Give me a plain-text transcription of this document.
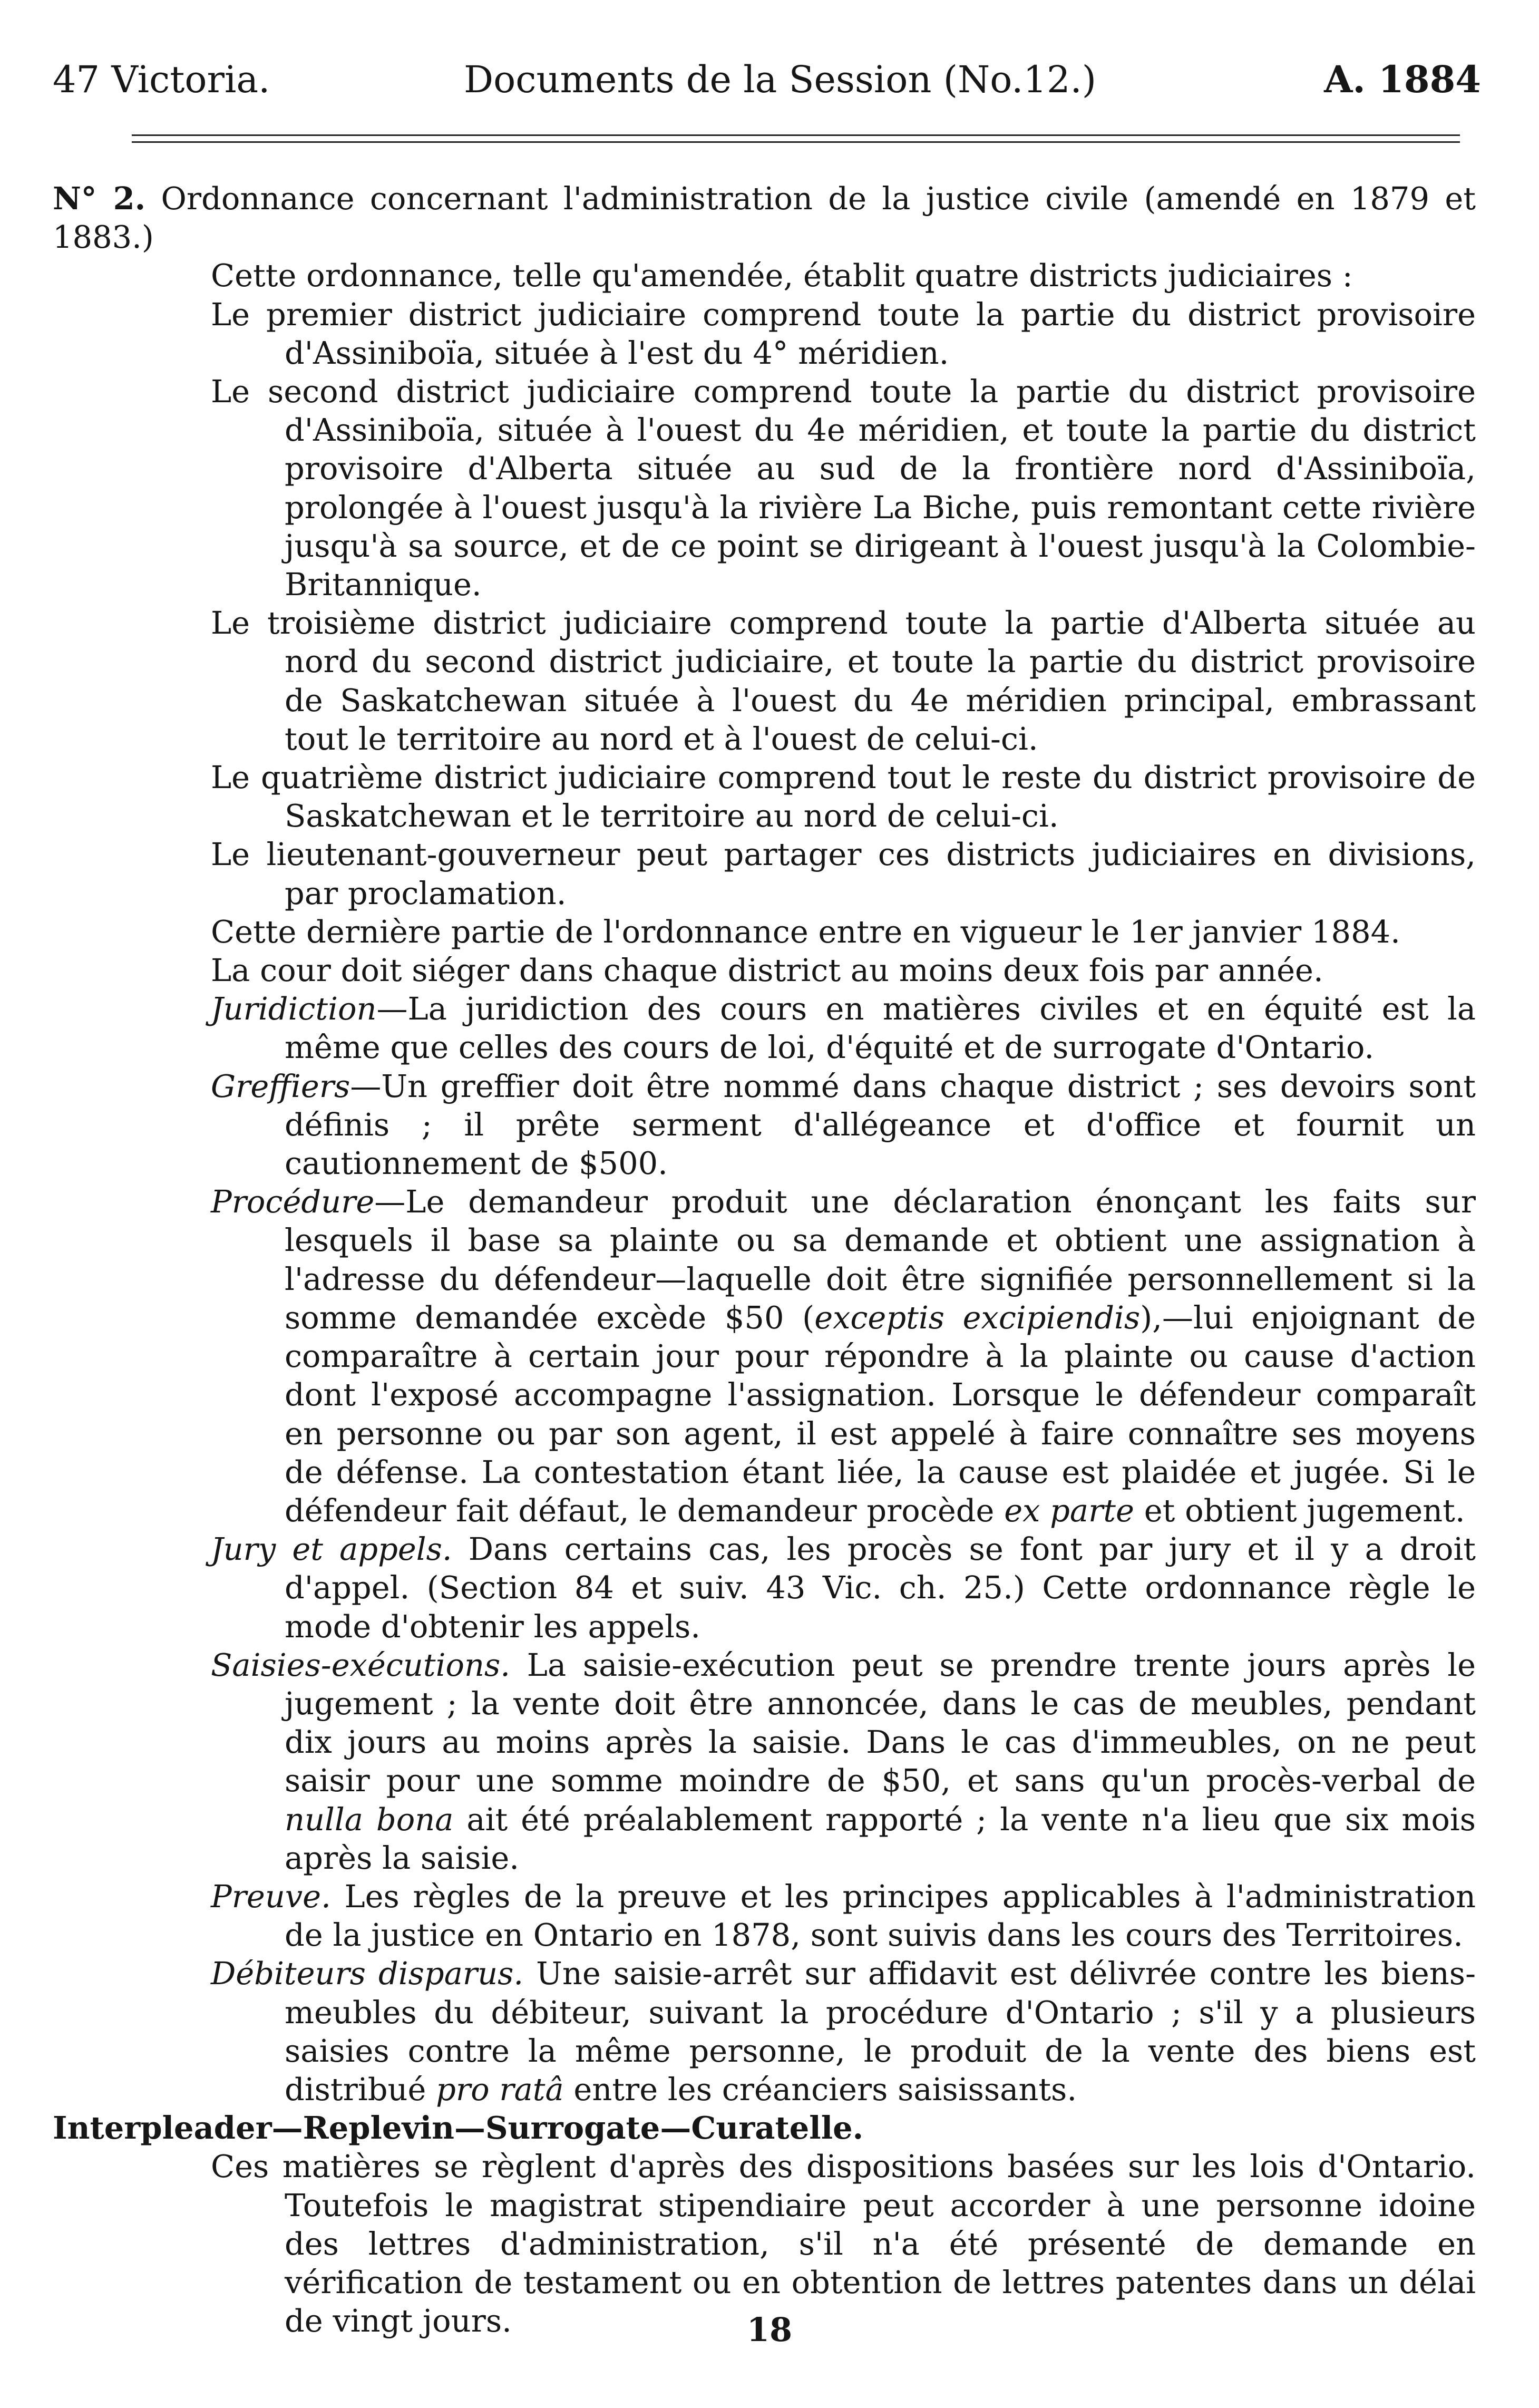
47 Victoria.	Documents de la Session (No.12.)	A. 1884

N° 2. Ordonnance concernant l'administration de la justice civile (amendé en 1879 et 1883.)

Cette ordonnance, telle qu'amendée, établit quatre districts judiciaires :

Le premier district judiciaire comprend toute la partie du district provisoire d'Assiniboïa, située à l'est du 4° méridien.

Le second district judiciaire comprend toute la partie du district provisoire d'Assiniboïa, située à l'ouest du 4e méridien, et toute la partie du district provisoire d'Alberta située au sud de la frontière nord d'Assiniboïa, prolongée à l'ouest jusqu'à la rivière La Biche, puis remontant cette rivière jusqu'à sa source, et de ce point se dirigeant à l'ouest jusqu'à la Colombie-Britannique.

Le troisième district judiciaire comprend toute la partie d'Alberta située au nord du second district judiciaire, et toute la partie du district provisoire de Saskatchewan située à l'ouest du 4e méridien principal, embrassant tout le territoire au nord et à l'ouest de celui-ci.

Le quatrième district judiciaire comprend tout le reste du district provisoire de Saskatchewan et le territoire au nord de celui-ci.

Le lieutenant-gouverneur peut partager ces districts judiciaires en divisions, par proclamation.

Cette dernière partie de l'ordonnance entre en vigueur le 1er janvier 1884.

La cour doit siéger dans chaque district au moins deux fois par année.

Juridiction—La juridiction des cours en matières civiles et en équité est la même que celles des cours de loi, d'équité et de surrogate d'Ontario.

Greffiers—Un greffier doit être nommé dans chaque district ; ses devoirs sont définis ; il prête serment d'allégeance et d'office et fournit un cautionnement de $500.

Procédure—Le demandeur produit une déclaration énonçant les faits sur lesquels il base sa plainte ou sa demande et obtient une assignation à l'adresse du défendeur—laquelle doit être signifiée personnellement si la somme demandée excède $50 (exceptis excipiendis),—lui enjoignant de comparaître à certain jour pour répondre à la plainte ou cause d'action dont l'exposé accompagne l'assignation. Lorsque le défendeur comparaît en personne ou par son agent, il est appelé à faire connaître ses moyens de défense. La contestation étant liée, la cause est plaidée et jugée. Si le défendeur fait défaut, le demandeur procède ex parte et obtient jugement.

Jury et appels. Dans certains cas, les procès se font par jury et il y a droit d'appel. (Section 84 et suiv. 43 Vic. ch. 25.) Cette ordonnance règle le mode d'obtenir les appels.

Saisies-exécutions. La saisie-exécution peut se prendre trente jours après le jugement ; la vente doit être annoncée, dans le cas de meubles, pendant dix jours au moins après la saisie. Dans le cas d'immeubles, on ne peut saisir pour une somme moindre de $50, et sans qu'un procès-verbal de nulla bona ait été préalablement rapporté ; la vente n'a lieu que six mois après la saisie.

Preuve. Les règles de la preuve et les principes applicables à l'administration de la justice en Ontario en 1878, sont suivis dans les cours des Territoires.

Débiteurs disparus. Une saisie-arrêt sur affidavit est délivrée contre les biens-meubles du débiteur, suivant la procédure d'Ontario ; s'il y a plusieurs saisies contre la même personne, le produit de la vente des biens est distribué pro ratâ entre les créanciers saisissants.

Interpleader—Replevin—Surrogate—Curatelle.

Ces matières se règlent d'après des dispositions basées sur les lois d'Ontario. Toutefois le magistrat stipendiaire peut accorder à une personne idoine des lettres d'administration, s'il n'a été présenté de demande en vérification de testament ou en obtention de lettres patentes dans un délai de vingt jours.	18
